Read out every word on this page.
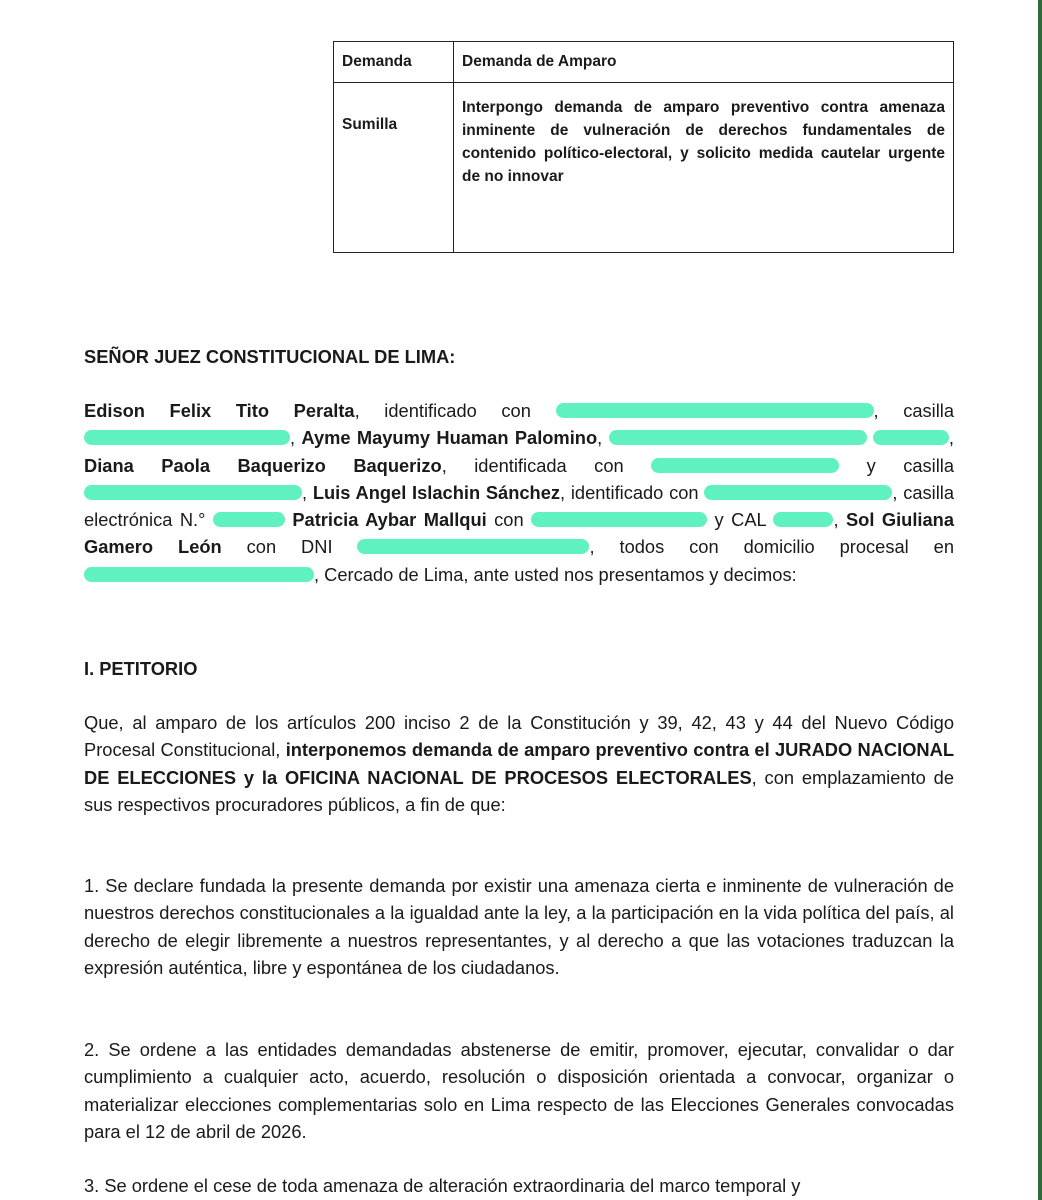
Demanda	Demanda de Amparo
Sumilla	Interpongo demanda de amparo preventivo contra amenaza inminente de vulneración de derechos fundamentales de contenido político-electoral, y solicito medida cautelar urgente de no innovar
SEÑOR JUEZ CONSTITUCIONAL DE LIMA:

Edison Felix Tito Peralta, identificado con	, casilla , Ayme Mayumy Huaman Palomino,	, Diana Paola Baquerizo Baquerizo, identificada con	y casilla , Luis Angel Islachin Sánchez, identificado con	, casilla electrónica N.°	Patricia Aybar Mallqui con	y CAL	, Sol Giuliana Gamero León con DNI	, todos con domicilio procesal en , Cercado de Lima, ante usted nos presentamos y decimos:

I. PETITORIO

Que, al amparo de los artículos 200 inciso 2 de la Constitución y 39, 42, 43 y 44 del Nuevo Código Procesal Constitucional, interponemos demanda de amparo preventivo contra el JURADO NACIONAL DE ELECCIONES y la OFICINA NACIONAL DE PROCESOS ELECTORALES, con emplazamiento de sus respectivos procuradores públicos, a fin de que:

1. Se declare fundada la presente demanda por existir una amenaza cierta e inminente de vulneración de nuestros derechos constitucionales a la igualdad ante la ley, a la participación en la vida política del país, al derecho de elegir libremente a nuestros representantes, y al derecho a que las votaciones traduzcan la expresión auténtica, libre y espontánea de los ciudadanos.

2. Se ordene a las entidades demandadas abstenerse de emitir, promover, ejecutar, convalidar o dar cumplimiento a cualquier acto, acuerdo, resolución o disposición orientada a convocar, organizar o materializar elecciones complementarias solo en Lima respecto de las Elecciones Generales convocadas para el 12 de abril de 2026.

3. Se ordene el cese de toda amenaza de alteración extraordinaria del marco temporal y
